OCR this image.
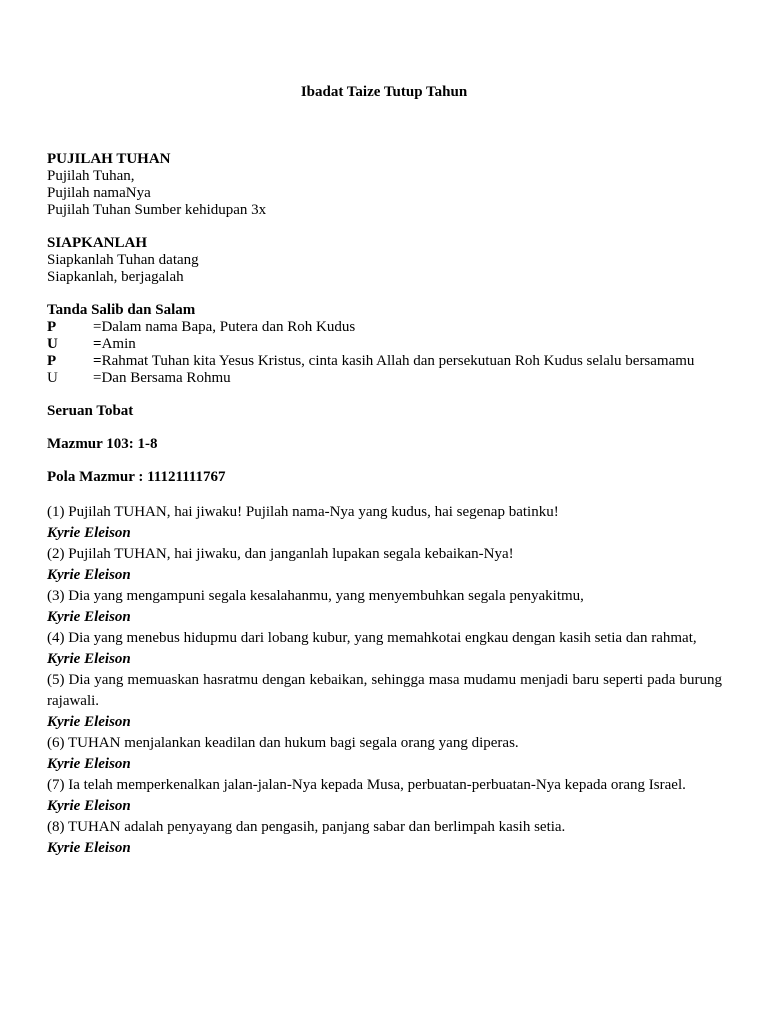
Ibadat Taize Tutup Tahun
PUJILAH TUHAN
Pujilah Tuhan,
Pujilah namaNya
Pujilah Tuhan Sumber kehidupan 3x
SIAPKANLAH
Siapkanlah Tuhan datang
Siapkanlah, berjagalah
Tanda Salib dan Salam
P	= Dalam nama Bapa, Putera dan Roh Kudus
U	= Amin
P	= Rahmat Tuhan kita Yesus Kristus, cinta kasih Allah dan persekutuan Roh Kudus selalu bersamamu
U	= Dan Bersama Rohmu
Seruan Tobat
Mazmur 103: 1-8
Pola Mazmur : 11121111767
(1) Pujilah TUHAN, hai jiwaku! Pujilah nama-Nya yang kudus, hai segenap batinku!
Kyrie Eleison
(2) Pujilah TUHAN, hai jiwaku, dan janganlah lupakan segala kebaikan-Nya!
Kyrie Eleison
(3) Dia yang mengampuni segala kesalahanmu, yang menyembuhkan segala penyakitmu,
Kyrie Eleison
(4) Dia yang menebus hidupmu dari lobang kubur, yang memahkotai engkau dengan kasih setia dan rahmat,
Kyrie Eleison
(5) Dia yang memuaskan hasratmu dengan kebaikan, sehingga masa mudamu menjadi baru seperti pada burung rajawali.
Kyrie Eleison
(6) TUHAN menjalankan keadilan dan hukum bagi segala orang yang diperas.
Kyrie Eleison
(7) Ia telah memperkenalkan jalan-jalan-Nya kepada Musa, perbuatan-perbuatan-Nya kepada orang Israel.
Kyrie Eleison
(8) TUHAN adalah penyayang dan pengasih, panjang sabar dan berlimpah kasih setia.
Kyrie Eleison
